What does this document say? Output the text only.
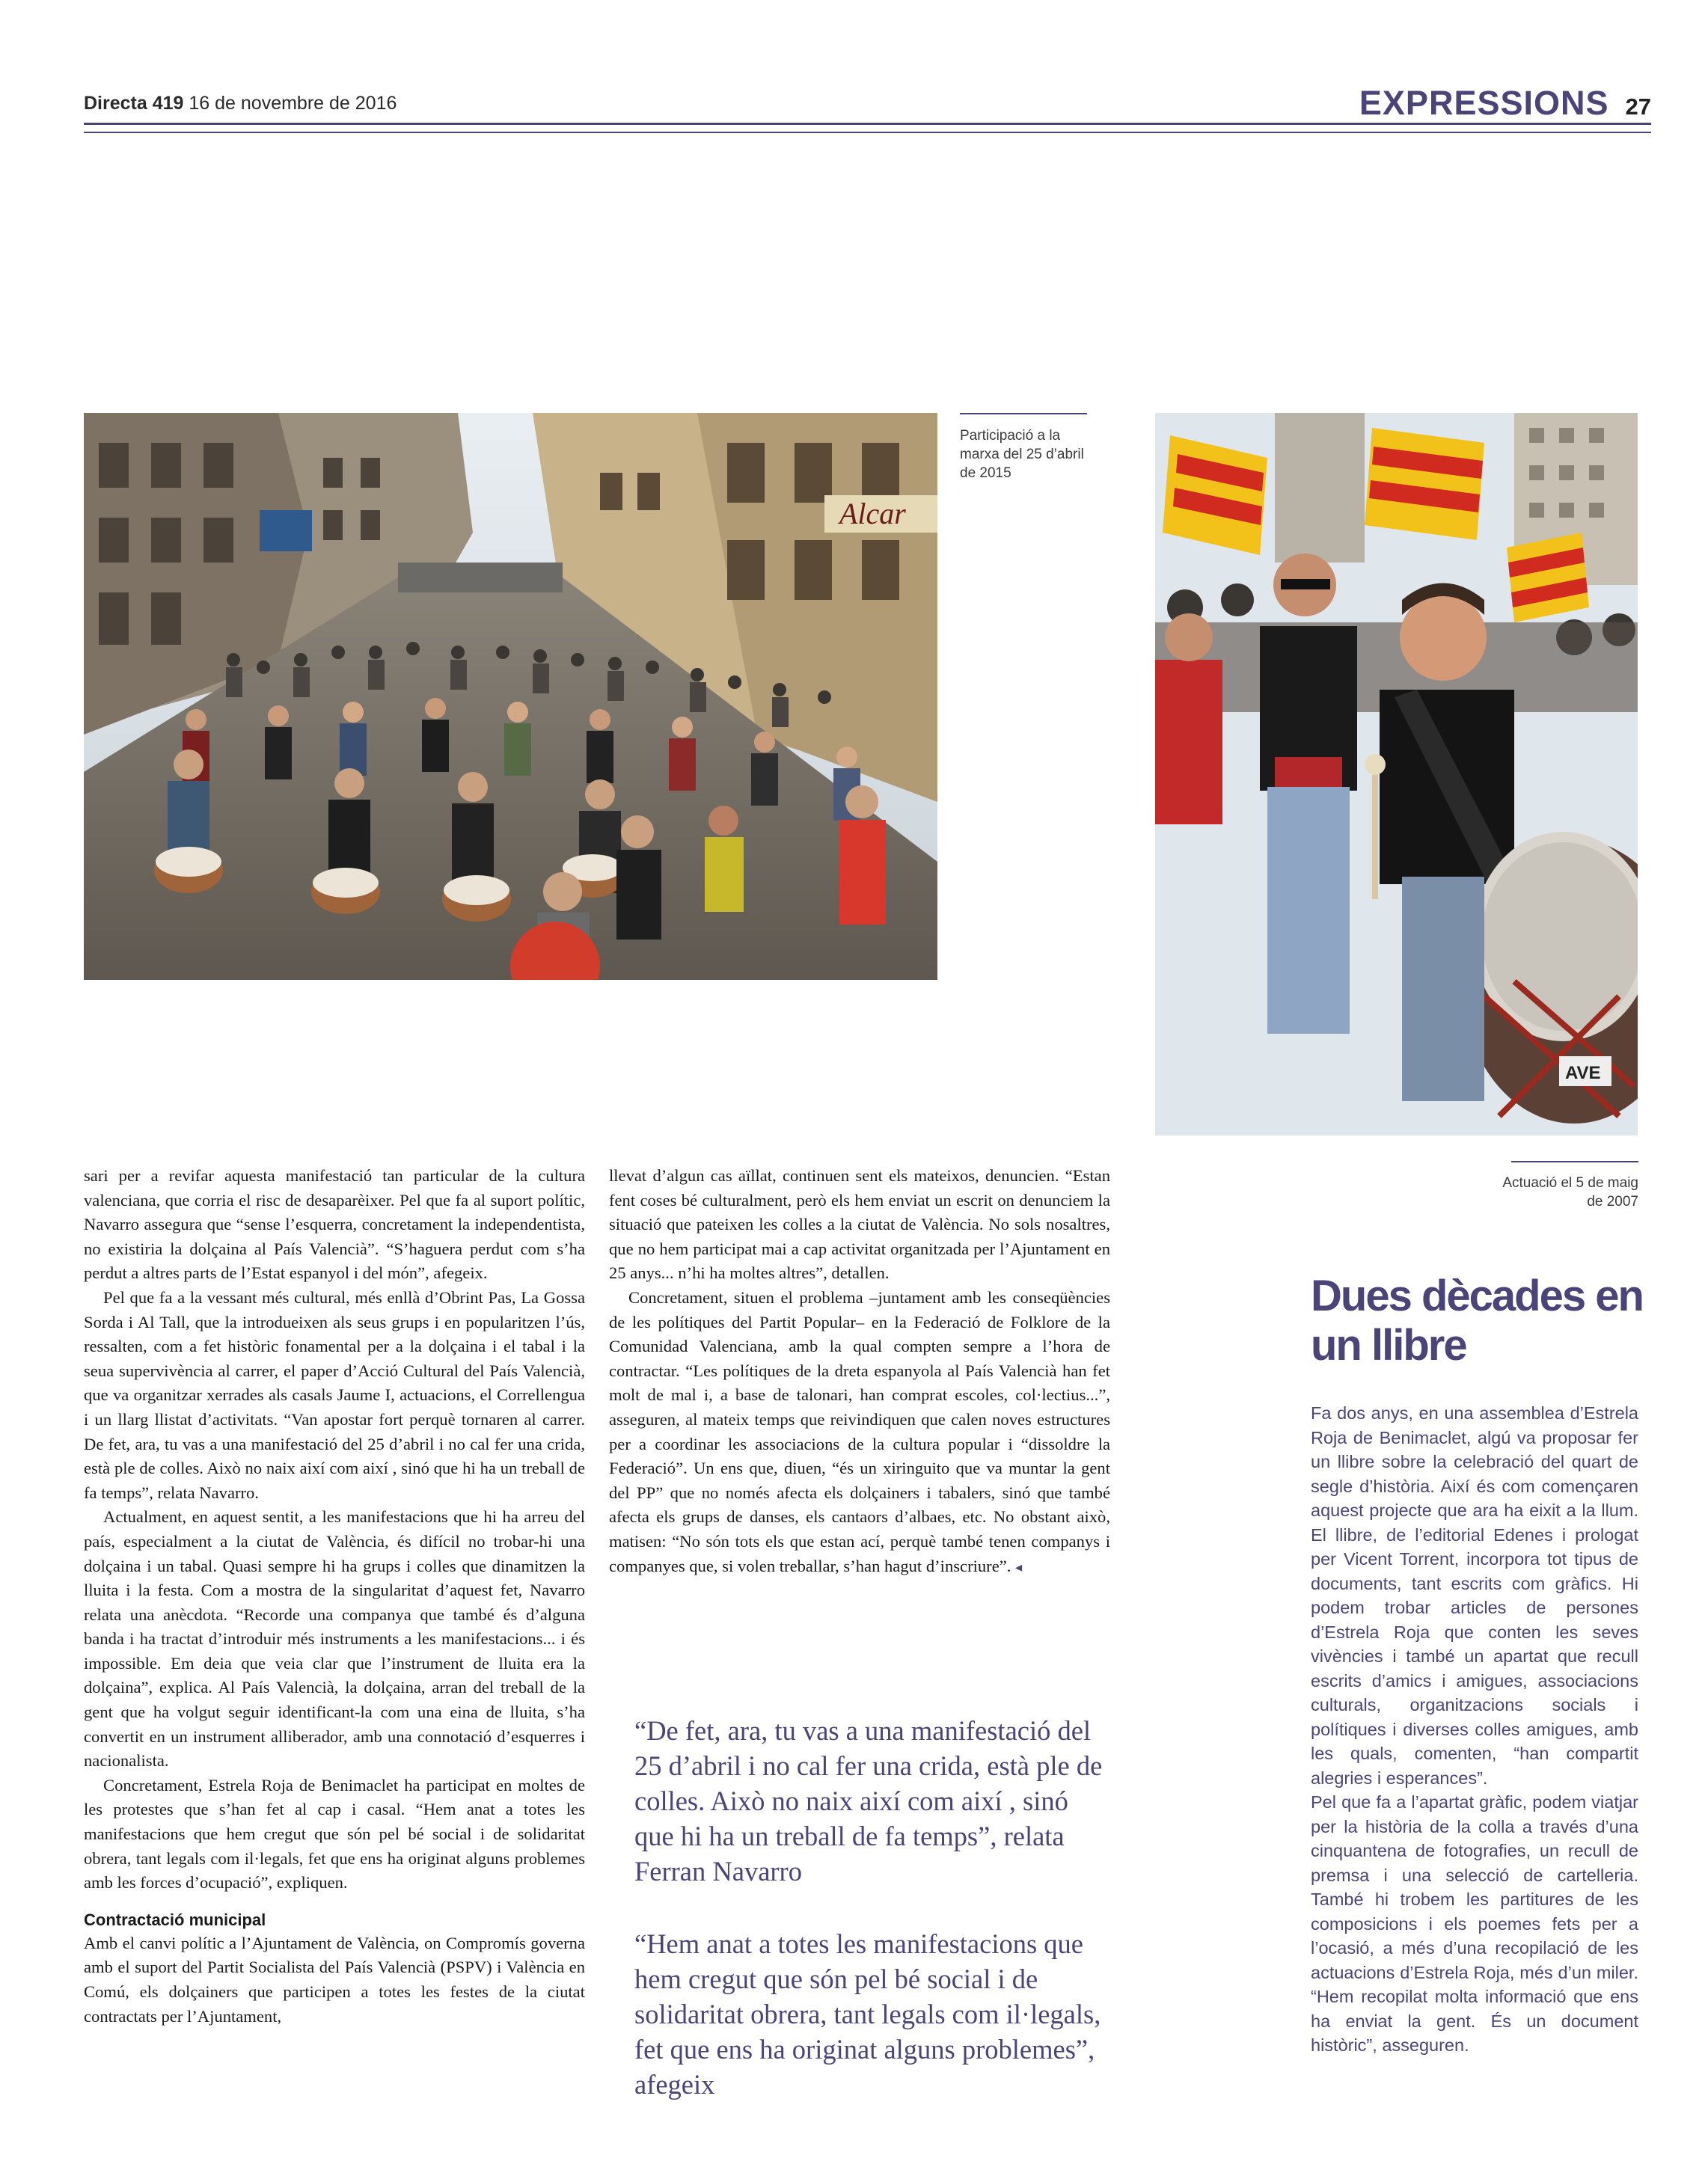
Directa 419 16 de novembre de 2016	EXPRESSIONS 27
Alcar
Participació a la marxa del 25 d’abril de 2015
AVE
Actuació el 5 de maig de 2007

sari per a revifar aquesta manifestació tan particular de la cultura valenciana, que corria el risc de desaparèixer. Pel que fa al suport polític, Navarro assegura que “sense l’esquerra, concretament la independentista, no existiria la dolçaina al País Valencià”. “S’haguera perdut com s’ha perdut a altres parts de l’Estat espanyol i del món”, afegeix.

Pel que fa a la vessant més cultural, més enllà d’Obrint Pas, La Gossa Sorda i Al Tall, que la introdueixen als seus grups i en popularitzen l’ús, ressalten, com a fet històric fonamental per a la dolçaina i el tabal i la seua supervivència al carrer, el paper d’Acció Cultural del País Valencià, que va organitzar xerrades als casals Jaume I, actuacions, el Correllengua i un llarg llistat d’activitats. “Van apostar fort perquè tornaren al carrer. De fet, ara, tu vas a una manifestació del 25 d’abril i no cal fer una crida, està ple de colles. Això no naix així com així , sinó que hi ha un treball de fa temps”, relata Navarro.

Actualment, en aquest sentit, a les manifestacions que hi ha arreu del país, especialment a la ciutat de València, és difícil no trobar-hi una dolçaina i un tabal. Quasi sempre hi ha grups i colles que dinamitzen la lluita i la festa. Com a mostra de la singularitat d’aquest fet, Navarro relata una anècdota. “Recorde una companya que també és d’alguna banda i ha tractat d’introduir més instruments a les manifestacions... i és impossible. Em deia que veia clar que l’instrument de lluita era la dolçaina”, explica. Al País Valencià, la dolçaina, arran del treball de la gent que ha volgut seguir identificant-la com una eina de lluita, s’ha convertit en un instrument alliberador, amb una connotació d’esquerres i nacionalista.

Concretament, Estrela Roja de Benimaclet ha participat en moltes de les protestes que s’han fet al cap i casal. “Hem anat a totes les manifestacions que hem cregut que són pel bé social i de solidaritat obrera, tant legals com il·legals, fet que ens ha originat alguns problemes amb les forces d’ocupació”, expliquen.

Contractació municipal

Amb el canvi polític a l’Ajuntament de València, on Compromís governa amb el suport del Partit Socialista del País Valencià (PSPV) i València en Comú, els dolçainers que participen a totes les festes de la ciutat contractats per l’Ajuntament,

llevat d’algun cas aïllat, continuen sent els mateixos, denuncien. “Estan fent coses bé culturalment, però els hem enviat un escrit on denunciem la situació que pateixen les colles a la ciutat de València. No sols nosaltres, que no hem participat mai a cap activitat organitzada per l’Ajuntament en 25 anys... n’hi ha moltes altres”, detallen.

Concretament, situen el problema –juntament amb les conseqüències de les polítiques del Partit Popular– en la Federació de Folklore de la Comunidad Valenciana, amb la qual compten sempre a l’hora de contractar. “Les polítiques de la dreta espanyola al País Valencià han fet molt de mal i, a base de talonari, han comprat escoles, col·lectius...”, asseguren, al mateix temps que reivindiquen que calen noves estructures per a coordinar les associacions de la cultura popular i “dissoldre la Federació”. Un ens que, diuen, “és un xiringuito que va muntar la gent del PP” que no només afecta els dolçainers i tabalers, sinó que també afecta els grups de danses, els cantaors d’albaes, etc. No obstant això, matisen: “No són tots els que estan ací, perquè també tenen companys i companyes que, si volen treballar, s’han hagut d’inscriure”. ◂

“De fet, ara, tu vas a una manifestació del 25 d’abril i no cal fer una crida, està ple de colles. Això no naix així com així , sinó que hi ha un treball de fa temps”, relata Ferran Navarro
“Hem anat a totes les manifestacions que hem cregut que són pel bé social i de solidaritat obrera, tant legals com il·legals, fet que ens ha originat alguns problemes”, afegeix
Dues dècades en un llibre

Fa dos anys, en una assemblea d’Estrela Roja de Benimaclet, algú va proposar fer un llibre sobre la celebració del quart de segle d’història. Així és com començaren aquest projecte que ara ha eixit a la llum. El llibre, de l’editorial Edenes i prologat per Vicent Torrent, incorpora tot tipus de documents, tant escrits com gràfics. Hi podem trobar articles de persones d’Estrela Roja que conten les seves vivències i també un apartat que recull escrits d’amics i amigues, associacions culturals, organitzacions socials i polítiques i diverses colles amigues, amb les quals, comenten, “han compartit alegries i esperances”.

Pel que fa a l’apartat gràfic, podem viatjar per la història de la colla a través d’una cinquantena de fotografies, un recull de premsa i una selecció de cartelleria. També hi trobem les partitures de les composicions i els poemes fets per a l’ocasió, a més d’una recopilació de les actuacions d’Estrela Roja, més d’un miler. “Hem recopilat molta informació que ens ha enviat la gent. És un document històric”, asseguren.
